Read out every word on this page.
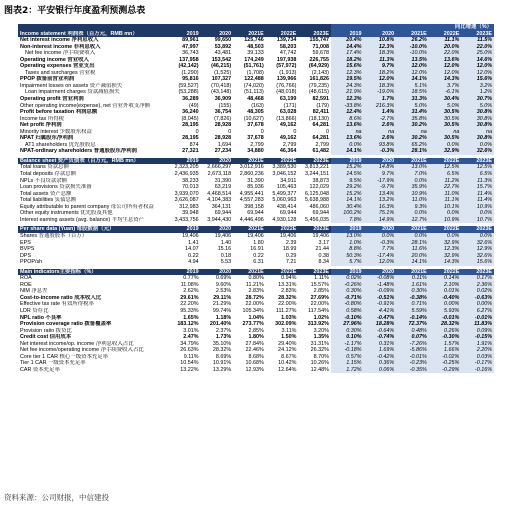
图表2：平安银行年度盈利预测总表
						同比增速（%）				
Income statement 利润表（百万元，RMB mn）	2019	2020	2021E	2022E	2023E	2019	2020	2021E	2022E	2023E
Net interest income 净利息收入	89,961	99,650	125,746	139,734	155,747	20.4%	10.8%	26.2%	11.1%	11.5%
Non-interest income 非利息收入	47,997	53,892	48,503	58,203	71,008	14.4%	12.3%	-10.0%	20.0%	22.0%
Net fee income 净手续费收入	36,743	43,481	39,133	47,742	59,678	17.4%	18.3%	-10.0%	22.0%	25.0%
Operating income 营业收入	137,958	153,542	174,249	197,938	226,755	18.2%	11.3%	13.5%	13.6%	14.6%
Operating expenses 营业支出	(42,142)	(46,215)	(51,761)	(57,972)	(64,929)	15.6%	9.7%	12.0%	12.0%	12.0%
Taxes and surcharges 营业税	(1,290)	(1,525)	(1,708)	(1,913)	(2,143)	12.3%	18.2%	12.0%	12.0%	12.0%
PPOP 拨备前营业利润	95,816	107,327	122,488	139,966	161,826	19.5%	12.0%	14.1%	14.3%	15.6%
Impairment losses on assets 资产减值损失	(59,527)	(70,418)	(74,020)	(76,766)	(79,235)	24.3%	18.3%	5.1%	3.7%	3.2%
Loan impairment charges 贷款减值损失	(53,288)	(43,148)	(51,113)	(48,018)	(48,615)	21.9%	-19.0%	18.5%	-6.1%	1.2%
Operating profit 营业利润	36,289	36,909	48,468	63,199	82,591	12.3%	1.7%	31.3%	30.4%	30.7%
Other operating income(expense), net 营业外收支净额	(49)	(155)	(163)	(171)	(179)	-33.8%	216.3%	5.0%	5.0%	5.0%
Profit before taxation 利润总额	36,240	36,754	48,305	63,028	82,411	12.4%	1.4%	31.4%	30.5%	30.8%
Income tax 所得税	(8,045)	(7,826)	(10,627)	(13,866)	(18,130)	8.6%	-2.7%	35.8%	30.5%	30.8%
Net profit 净利润	28,195	28,928	37,678	49,162	64,281	13.6%	2.6%	30.2%	30.5%	30.8%
Minority interest 少数股东权益	0	0	0	0	0	na	na	na	na	na
NPAT 归属股东净利润	28,195	28,928	37,678	49,162	64,281	13.6%	2.6%	30.2%	30.5%	30.8%
AT1 shareholders 优先股股息	874	1,694	2,799	2,799	2,799	0.0%	93.8%	65.2%	0.0%	0.0%
NPAT-ordinary shareholders 普通股股东净利润	27,321	27,234	34,880	46,364	61,482	14.1%	-0.3%	28.1%	32.9%	32.6%

Balance sheet 资产负债表（百万元，RMB mn）	2019	2020	2021E	2022E	2023E	2019	2020	2021E	2022E	2023E
Total loans 贷款总额	2,323,205	2,666,297	3,012,916	3,389,530	3,813,221	15.2%	14.8%	13.0%	12.5%	12.5%
Total deposits 存款总额	2,436,935	2,673,118	2,860,236	3,046,152	3,244,151	14.5%	9.7%	7.0%	6.5%	6.5%
NPLs 不良贷款余额	38,233	31,390	31,390	34,911	38,873	9.5%	-17.9%	0.0%	11.2%	11.3%
Loan provisions 贷款损失准备	70,013	63,219	85,936	105,463	122,029	29.2%	-9.7%	35.9%	22.7%	15.7%
Total assets 资产总额	3,939,070	4,468,514	4,955,441	5,499,377	6,125,048	15.2%	13.4%	10.9%	11.0%	11.4%
Total liabilities 负债总额	3,626,087	4,104,383	4,557,283	5,060,963	5,638,988	14.1%	13.2%	11.0%	11.1%	11.4%
Equity attributable to parent company 母公司所有者权益	312,983	364,131	398,158	438,414	486,060	30.4%	16.3%	9.3%	10.1%	10.9%
Other equity instruments 优先股及其他	39,948	69,944	69,944	69,944	69,944	100.2%	75.1%	0.0%	0.0%	0.0%
Interest earning assets (avg. balance) 平均生息资产	3,433,756	3,944,430	4,446,496	4,930,128	5,456,035	7.8%	14.9%	12.7%	10.9%	10.7%

Per share data (Yuan) 每股数据（元）	2019	2020	2021E	2022E	2023E	2019	2020	2021E	2022E	2023E
Shares 普通股股本（百万）	19,406	19,406	19,406	19,406	19,406	13.0%	0.0%	0.0%	0.0%	0.0%
EPS	1.41	1.40	1.80	2.39	3.17	1.0%	-0.3%	28.1%	32.9%	32.6%
BVPS	14.07	15.16	16.91	18.99	21.44	8.8%	7.7%	11.6%	12.3%	12.9%
DPS	0.22	0.18	0.22	0.29	0.38	50.3%	-17.4%	20.0%	32.9%	32.6%
PPOP/sh	4.94	5.53	6.31	7.21	8.34	5.7%	12.0%	14.1%	14.3%	15.6%

Main indicators主要指标（%）	2019	2020	2021E	2022E	2023E	2019	2020	2021E	2022E	2023E
ROA	0.77%	0.69%	0.80%	0.94%	1.11%	0.02%	-0.08%	0.11%	0.14%	0.17%
ROE	11.08%	9.60%	11.21%	13.31%	15.57%	-0.26%	-1.48%	1.61%	2.10%	2.36%
NIM 净息差	2.62%	2.53%	2.83%	2.83%	2.85%	0.30%	-0.09%	0.30%	0.01%	0.02%
Cost-to-income ratio 成本收入比	29.61%	29.11%	28.72%	28.32%	27.69%	-0.71%	-0.51%	-0.38%	-0.40%	-0.63%
Effective tax rate 有效所得税率	22.20%	21.29%	22.00%	22.00%	22.00%	-0.80%	-0.91%	0.71%	0.00%	0.00%
LDR 贷存比	95.33%	99.74%	105.34%	111.27%	117.54%	0.58%	4.41%	5.59%	5.93%	6.27%
NPL ratio 不良率	1.65%	1.18%	1.04%	1.03%	1.02%	-0.10%	-0.47%	-0.14%	-0.01%	-0.01%
Provision coverage ratio 拨备覆盖率	183.12%	201.40%	273.77%	302.09%	313.92%	27.96%	18.28%	72.37%	28.32%	11.83%
Provision ratio 拨贷比	3.01%	2.37%	2.85%	3.11%	3.20%	0.30%	-0.64%	0.48%	0.26%	0.09%
Credit cost 信用成本	2.47%	1.73%	1.80%	1.50%	1.35%	0.10%	-0.74%	0.07%	-0.30%	-0.15%
Net interest income/op. income 净利息收入占比	34.79%	35.10%	27.84%	29.40%	31.31%	-1.17%	0.31%	-7.26%	1.57%	1.91%
Net fee income/operating income 净手续费收入占比	26.63%	28.32%	22.46%	24.12%	26.32%	-0.18%	1.69%	-5.86%	1.66%	2.20%
Core tier 1 CAR 核心一级资本充足率	9.11%	8.69%	8.68%	8.67%	8.70%	0.57%	-0.42%	-0.01%	-0.02%	0.03%
Tier 1 CAR 一级资本充足率	10.54%	10.91%	10.68%	10.42%	10.26%	1.15%	0.36%	-0.23%	-0.25%	-0.17%
CAR 资本充足率	13.22%	13.29%	12.93%	12.64%	12.48%	1.72%	0.06%	-0.35%	-0.29%	-0.16%
资料来源：公司财报，中信建投
